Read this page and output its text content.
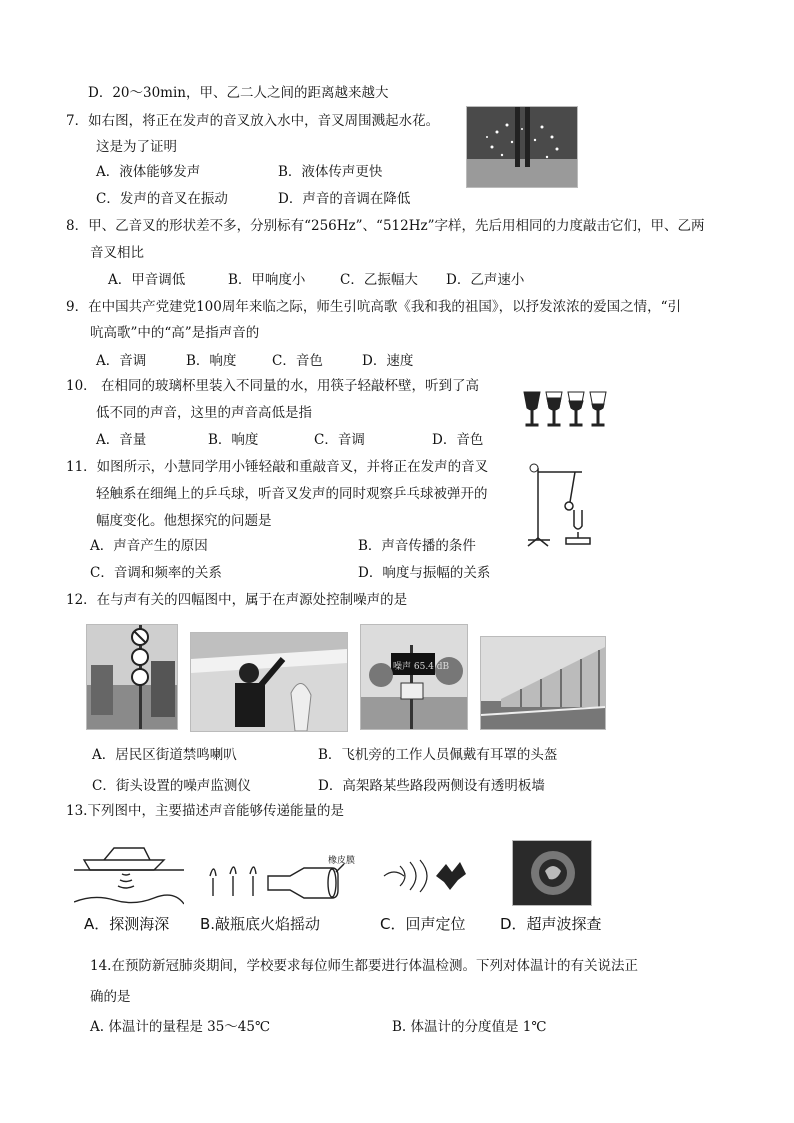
D．20～30min，甲、乙二人之间的距离越来越大
7．如右图，将正在发声的音叉放入水中，音叉周围溅起水花。
这是为了证明
A．液体能够发声	B．液体传声更快
C．发声的音叉在振动	D．声音的音调在降低
8．甲、乙音叉的形状差不多，分别标有“256Hz”、“512Hz”字样，先后用相同的力度敲击它们，甲、乙两
音叉相比
A．甲音调低	B．甲响度小	C．乙振幅大 D．乙声速小
9．在中国共产党建党100周年来临之际，师生引吭高歌《我和我的祖国》，以抒发浓浓的爱国之情，“引
吭高歌”中的“高”是指声音的
A．音调	B．响度	C．音色	D．速度
10． 在相同的玻璃杯里装入不同量的水，用筷子轻敲杯壁，听到了高
低不同的声音，这里的声音高低是指
A．音量	B．响度	C．音调	D．音色
11．如图所示，小慧同学用小锤轻敲和重敲音叉，并将正在发声的音叉
轻触系在细绳上的乒乓球，听音叉发声的同时观察乒乓球被弹开的
幅度变化。他想探究的问题是
A．声音产生的原因	B．声音传播的条件
C．音调和频率的关系	D．响度与振幅的关系
12．在与声有关的四幅图中，属于在声源处控制噪声的是
噪声 65.4 dB
A．居民区街道禁鸣喇叭	B．飞机旁的工作人员佩戴有耳罩的头盔
C．街头设置的噪声监测仪	D．高架路某些路段两侧设有透明板墙
13.下列图中，主要描述声音能够传递能量的是
橡皮膜
A．探测海深 B.敲瓶底火焰摇动	C．回声定位 D．超声波探查
14.在预防新冠肺炎期间，学校要求每位师生都要进行体温检测。下列对体温计的有关说法正
确的是
A. 体温计的量程是 35～45℃	B. 体温计的分度值是 1℃
